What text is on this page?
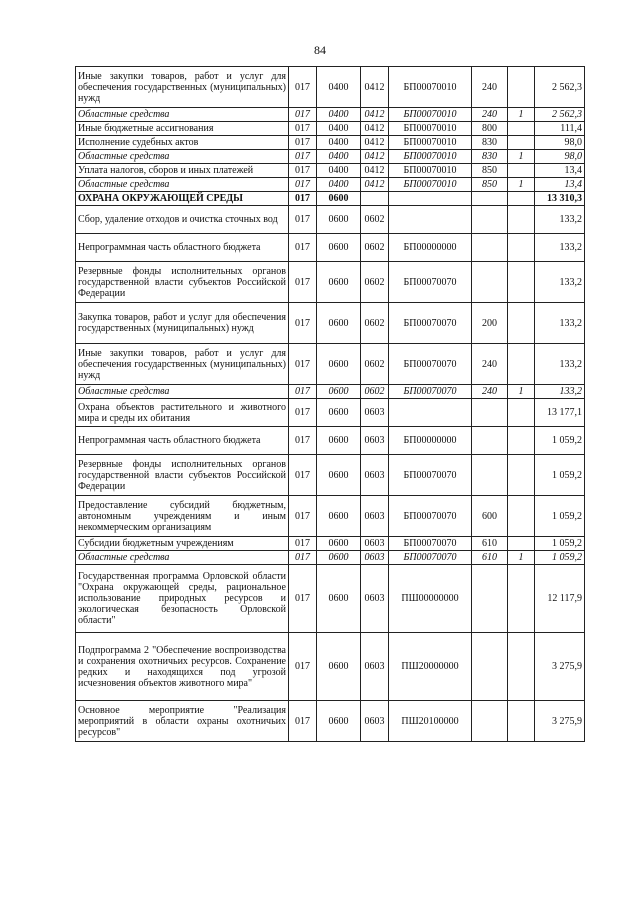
84
Иные закупки товаров, работ и услуг для обеспечения государственных (муниципальных) нужд	017	0400	0412	БП00070010	240		2 562,3
Областные средства	017	0400	0412	БП00070010	240	1	2 562,3
Иные бюджетные ассигнования	017	0400	0412	БП00070010	800		111,4
Исполнение судебных актов	017	0400	0412	БП00070010	830		98,0
Областные средства	017	0400	0412	БП00070010	830	1	98,0
Уплата налогов, сборов и иных платежей	017	0400	0412	БП00070010	850		13,4
Областные средства	017	0400	0412	БП00070010	850	1	13,4
ОХРАНА ОКРУЖАЮЩЕЙ СРЕДЫ	017	0600					13 310,3
Сбор, удаление отходов и очистка сточных вод	017	0600	0602				133,2
Непрограммная часть областного бюджета	017	0600	0602	БП00000000			133,2
Резервные фонды исполнительных органов государственной власти субъектов Российской Федерации	017	0600	0602	БП00070070			133,2
Закупка товаров, работ и услуг для обеспечения государственных (муниципальных) нужд	017	0600	0602	БП00070070	200		133,2
Иные закупки товаров, работ и услуг для обеспечения государственных (муниципальных) нужд	017	0600	0602	БП00070070	240		133,2
Областные средства	017	0600	0602	БП00070070	240	1	133,2
Охрана объектов растительного и животного мира и среды их обитания	017	0600	0603				13 177,1
Непрограммная часть областного бюджета	017	0600	0603	БП00000000			1 059,2
Резервные фонды исполнительных органов государственной власти субъектов Российской Федерации	017	0600	0603	БП00070070			1 059,2
Предоставление субсидий бюджетным, автономным учреждениям и иным некоммерческим организациям	017	0600	0603	БП00070070	600		1 059,2
Субсидии бюджетным учреждениям	017	0600	0603	БП00070070	610		1 059,2
Областные средства	017	0600	0603	БП00070070	610	1	1 059,2
Государственная программа Орловской области "Охрана окружающей среды, рациональное использование природных ресурсов и экологическая безопасность Орловской области"	017	0600	0603	ПШ00000000			12 117,9
Подпрограмма 2 "Обеспечение воспроизводства и сохранения охотничьих ресурсов. Сохранение редких и находящихся под угрозой исчезновения объектов животного мира"	017	0600	0603	ПШ20000000			3 275,9
Основное мероприятие "Реализация мероприятий в области охраны охотничьих ресурсов"	017	0600	0603	ПШ20100000			3 275,9
